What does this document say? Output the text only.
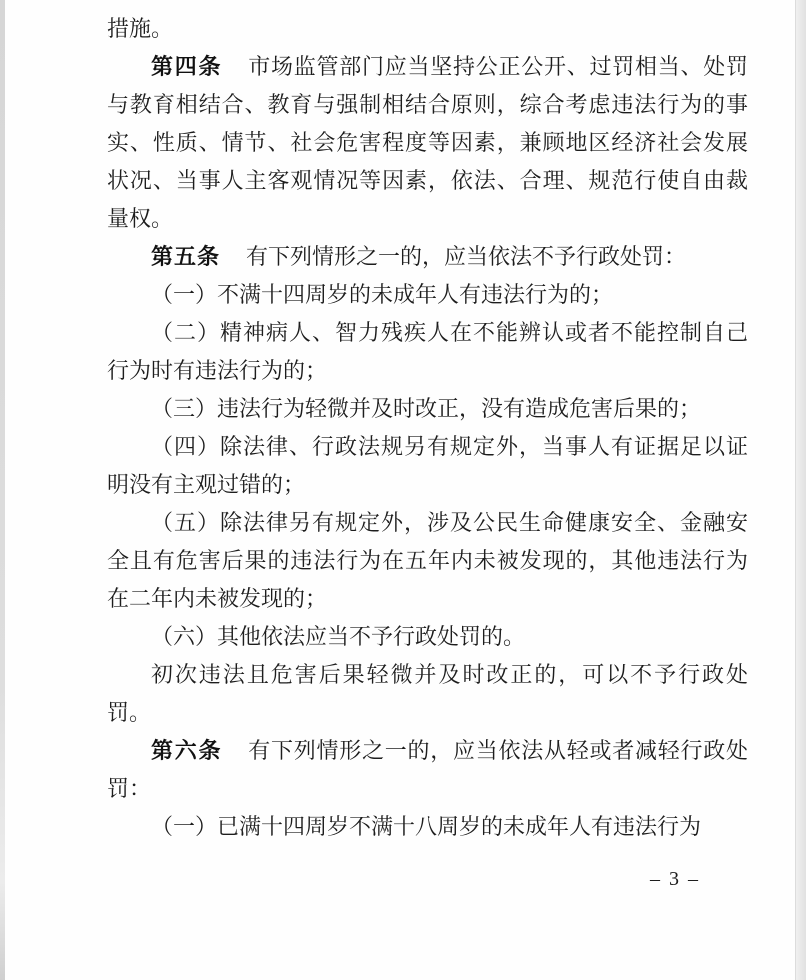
措施。
第四条 市场监管部门应当坚持公正公开、过罚相当、处罚
与教育相结合、教育与强制相结合原则，综合考虑违法行为的事
实、性质、情节、社会危害程度等因素，兼顾地区经济社会发展
状况、当事人主客观情况等因素，依法、合理、规范行使自由裁
量权。
第五条 有下列情形之一的，应当依法不予行政处罚：
（一）不满十四周岁的未成年人有违法行为的；
（二）精神病人、智力残疾人在不能辨认或者不能控制自己
行为时有违法行为的；
（三）违法行为轻微并及时改正，没有造成危害后果的；
（四）除法律、行政法规另有规定外，当事人有证据足以证
明没有主观过错的；
（五）除法律另有规定外，涉及公民生命健康安全、金融安
全且有危害后果的违法行为在五年内未被发现的，其他违法行为
在二年内未被发现的；
（六）其他依法应当不予行政处罚的。
初次违法且危害后果轻微并及时改正的，可以不予行政处
罚。
第六条 有下列情形之一的，应当依法从轻或者减轻行政处
罚：
（一）已满十四周岁不满十八周岁的未成年人有违法行为
– 3 –
